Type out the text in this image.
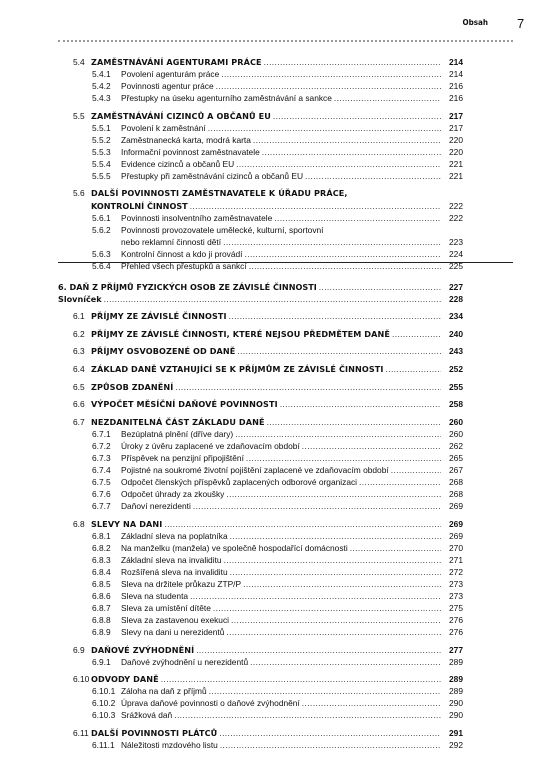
Obsah 7
5.4 ZAMĚSTNÁVÁNÍ AGENTURAMI PRÁCE .....	214
5.4.1	Povolení agenturám práce .....	214
5.4.2	Povinnosti agentur práce .....	216
5.4.3	Přestupky na úseku agenturního zaměstnávání a sankce .....	216
5.5 ZAMĚSTNÁVÁNÍ CIZINCŮ A OBČANŮ EU .....	217
5.5.1	Povolení k zaměstnání .....	217
5.5.2	Zaměstnanecká karta, modrá karta .....	220
5.5.3	Informační povinnost zaměstnavatele .....	220
5.5.4	Evidence cizinců a občanů EU .....	221
5.5.5	Přestupky při zaměstnávání cizinců a občanů EU .....	221
5.6 DALŠÍ POVINNOSTI ZAMĚSTNAVATELE K ÚŘADU PRÁCE,
KONTROLNÍ ČINNOST .....	222
5.6.1	Povinnosti insolventního zaměstnavatele .....	222
5.6.2	Povinnosti provozovatele umělecké, kulturní, sportovní
nebo reklamní činnosti dětí .....	223
5.6.3	Kontrolní činnost a kdo ji provádí .....	224
5.6.4	Přehled všech přestupků a sankcí .....	225
6. DAŇ Z PŘÍJMŮ FYZICKÝCH OSOB ZE ZÁVISLÉ ČINNOSTI .....	227
Slovníček .....	228
6.1 PŘÍJMY ZE ZÁVISLÉ ČINNOSTI .....	234
6.2 PŘÍJMY ZE ZÁVISLÉ ČINNOSTI, KTERÉ NEJSOU PŘEDMĚTEM DANĚ .....	240
6.3 PŘÍJMY OSVOBOZENÉ OD DANĚ .....	243
6.4 ZÁKLAD DANĚ VZTAHUJÍCÍ SE K PŘÍJMŮM ZE ZÁVISLÉ ČINNOSTI .....	252
6.5 ZPŮSOB ZDANĚNÍ .....	255
6.6 VÝPOČET MĚSÍČNÍ DAŇOVÉ POVINNOSTI .....	258
6.7 NEZDANITELNÁ ČÁST ZÁKLADU DANĚ .....	260
6.7.1	Bezúplatná plnění (dříve dary) .....	260
6.7.2	Úroky z úvěru zaplacené ve zdaňovacím období .....	262
6.7.3	Příspěvek na penzijní připojištění .....	265
6.7.4	Pojistné na soukromé životní pojištění zaplacené ve zdaňovacím období .....	267
6.7.5	Odpočet členských příspěvků zaplacených odborové organizaci .....	268
6.7.6	Odpočet úhrady za zkoušky .....	268
6.7.7	Daňoví nerezidenti .....	269
6.8 SLEVY NA DANI .....	269
6.8.1	Základní sleva na poplatníka .....	269
6.8.2	Na manželku (manžela) ve společně hospodařící domácnosti .....	270
6.8.3	Základní sleva na invaliditu .....	271
6.8.4	Rozšířená sleva na invaliditu .....	272
6.8.5	Sleva na držitele průkazu ZTP/P .....	273
6.8.6	Sleva na studenta .....	273
6.8.7	Sleva za umístění dítěte .....	275
6.8.8	Sleva za zastavenou exekuci .....	276
6.8.9	Slevy na dani u nerezidentů .....	276
6.9 DAŇOVÉ ZVÝHODNĚNÍ .....	277
6.9.1	Daňové zvýhodnění u nerezidentů .....	289
6.10 ODVODY DANĚ .....	289
6.10.1 Záloha na daň z příjmů .....	289
6.10.2 Úprava daňové povinnosti o daňové zvýhodnění .....	290
6.10.3 Srážková daň .....	290
6.11 DALŠÍ POVINNOSTI PLÁTCŮ .....	291
6.11.1 Náležitosti mzdového listu .....	292
